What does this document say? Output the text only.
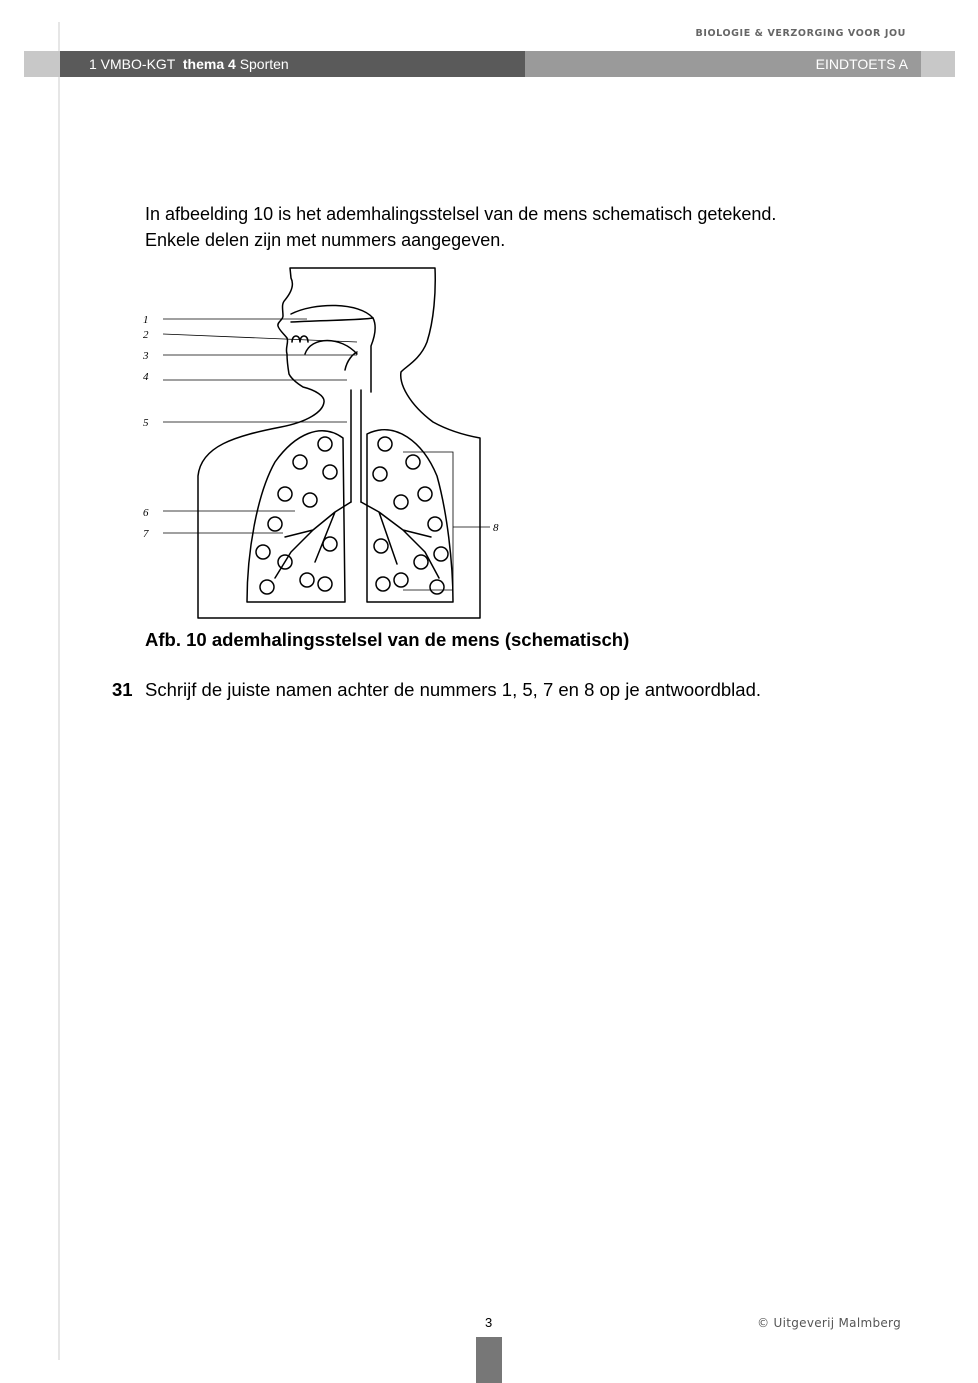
BIOLOGIE & VERZORGING VOOR JOU
1 VMBO-KGT thema 4 Sporten	EINDTOETS A

In afbeelding 10 is het ademhalingsstelsel van de mens schematisch getekend.

Enkele delen zijn met nummers aangegeven.

1
2
3
4
5
6
7	8
Afb. 10 ademhalingsstelsel van de mens (schematisch)
31 Schrijf de juiste namen achter de nummers 1, 5, 7 en 8 op je antwoordblad.
3	© Uitgeverij Malmberg
